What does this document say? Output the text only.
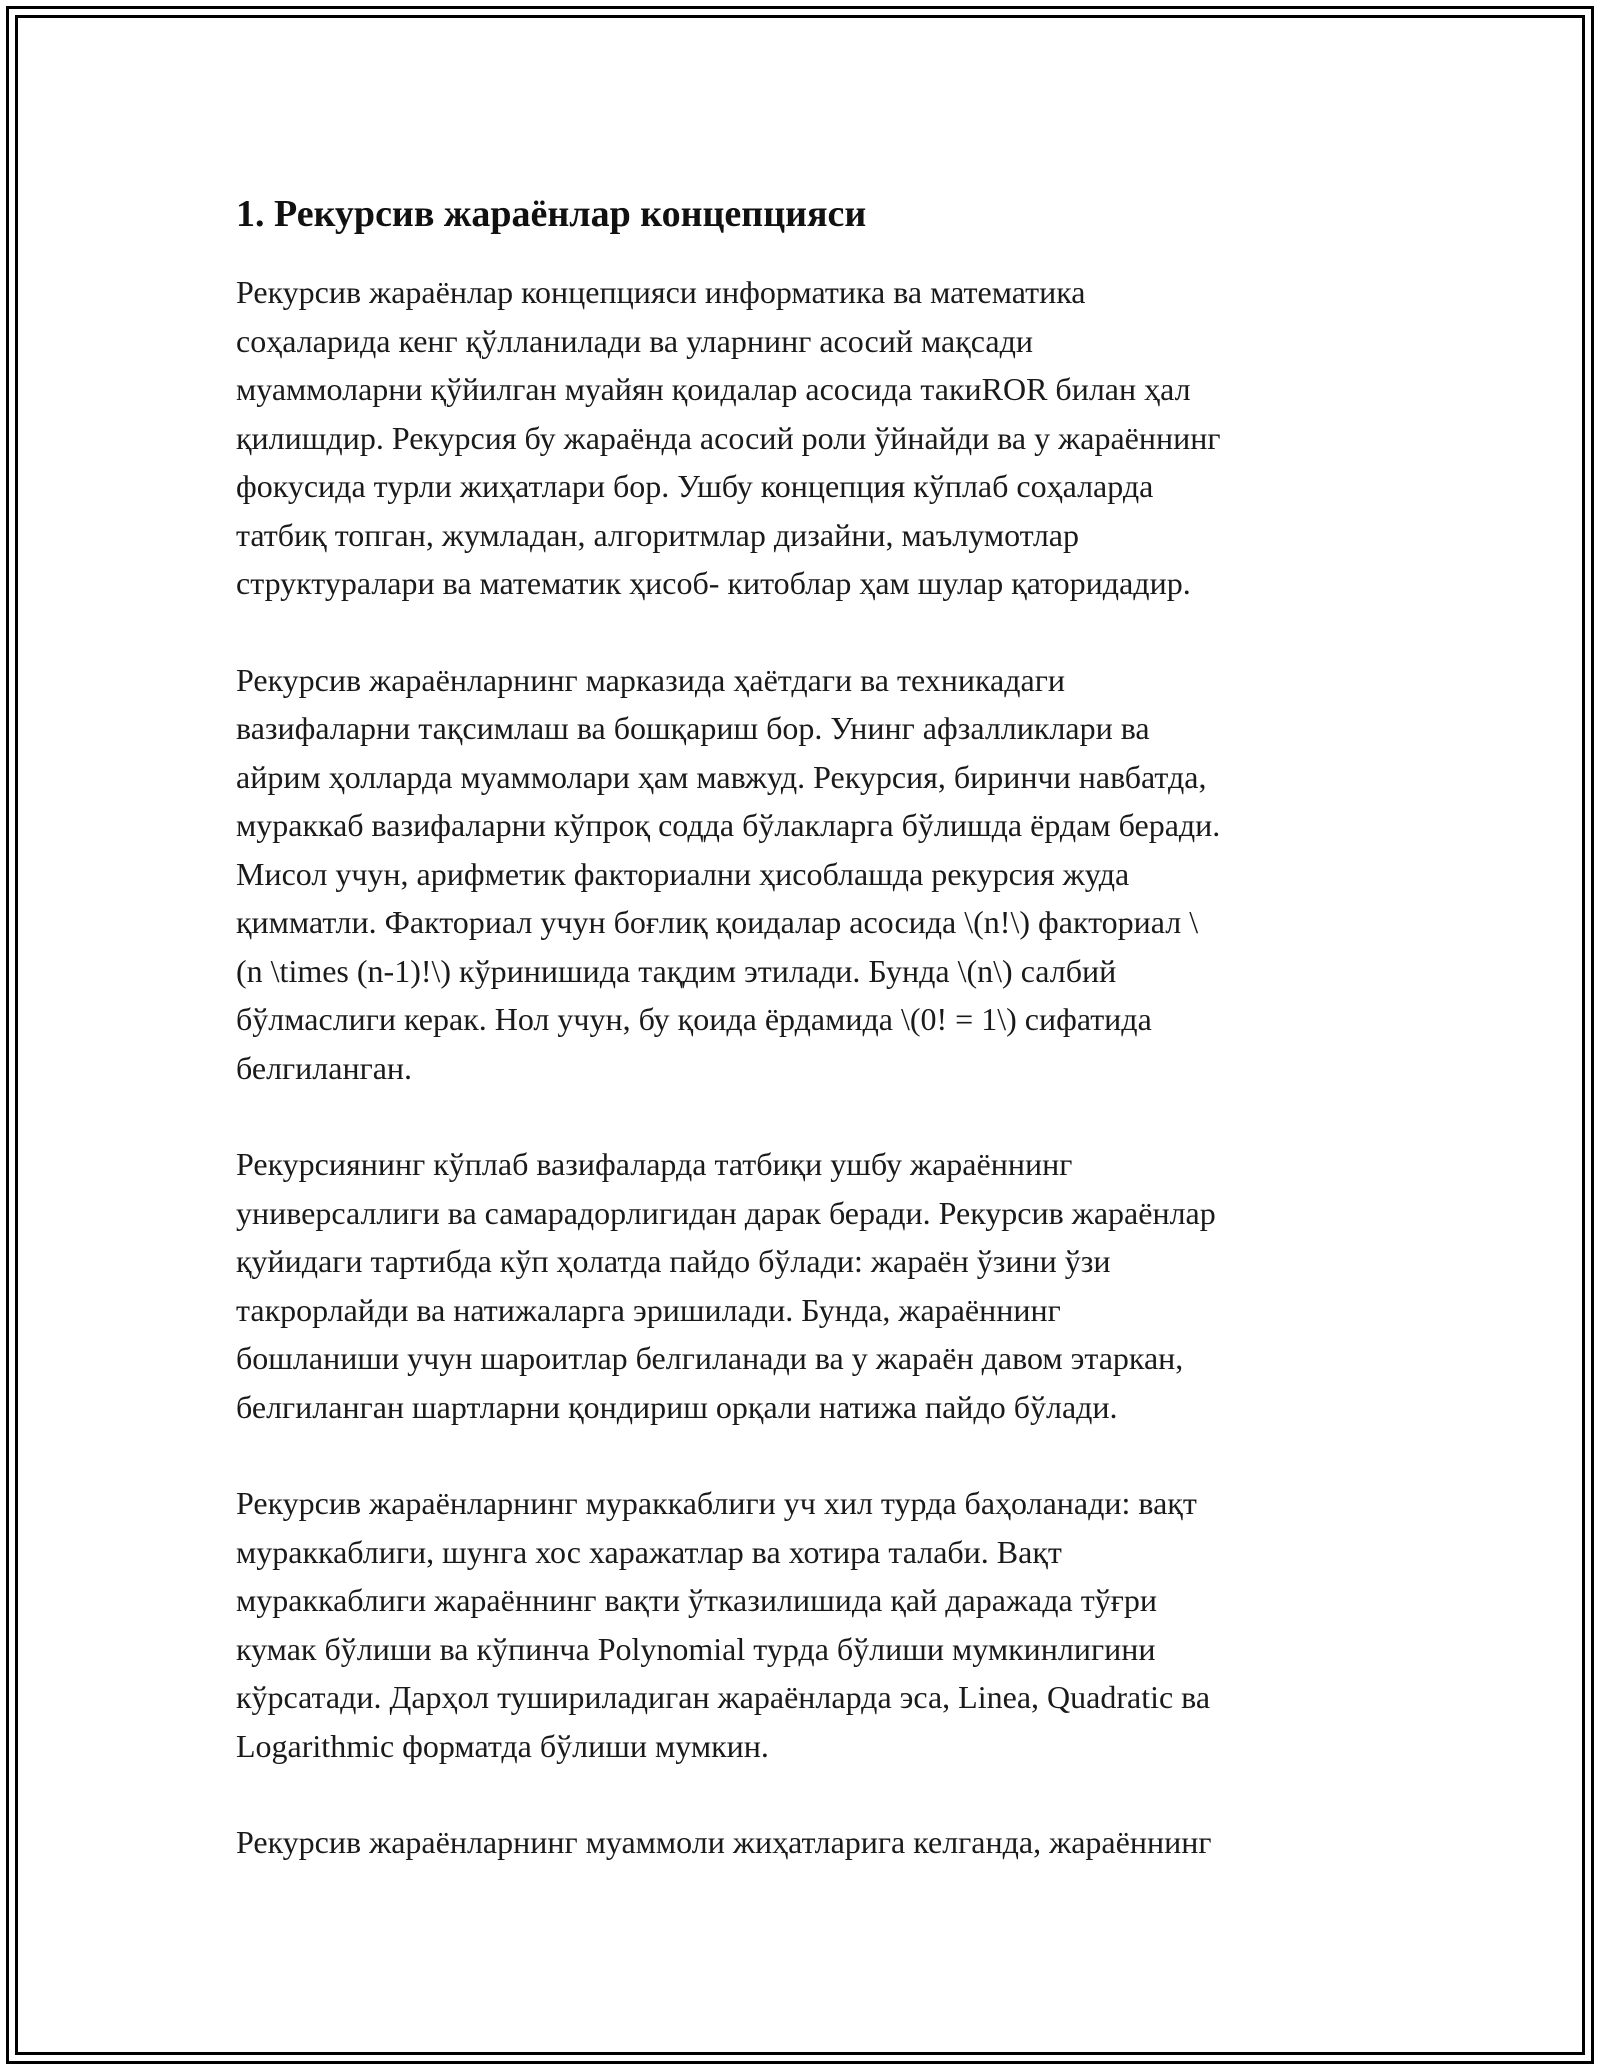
1. Рекурсив жараёнлар концепцияси

Рекурсив жараёнлар концепцияси информатика ва математика
соҳаларида кенг қўлланилади ва уларнинг асосий мақсади
муаммоларни қўйилган муайян қоидалар асосида такиROR билан ҳал
қилишдир. Рекурсия бу жараёнда асосий роли ўйнайди ва у жараённинг
фокусида турли жиҳатлари бор. Ушбу концепция кўплаб соҳаларда
татбиқ топган, жумладан, алгоритмлар дизайни, маълумотлар
структуралари ва математик ҳисоб- китоблар ҳам шулар қаторидадир.

Рекурсив жараёнларнинг марказида ҳаётдаги ва техникадаги
вазифаларни тақсимлаш ва бошқариш бор. Унинг афзалликлари ва
айрим ҳолларда муаммолари ҳам мавжуд. Рекурсия, биринчи навбатда,
мураккаб вазифаларни кўпроқ содда бўлакларга бўлишда ёрдам беради.
Мисол учун, арифметик факториални ҳисоблашда рекурсия жуда
қимматли. Факториал учун боғлиқ қоидалар асосида \(n!\) факториал \
(n \times (n-1)!\) кўринишида тақдим этилади. Бунда \(n\) салбий
бўлмаслиги керак. Нол учун, бу қоида ёрдамида \(0! = 1\) сифатида
белгиланган.

Рекурсиянинг кўплаб вазифаларда татбиқи ушбу жараённинг
универсаллиги ва самарадорлигидан дарак беради. Рекурсив жараёнлар
қуйидаги тартибда кўп ҳолатда пайдо бўлади: жараён ўзини ўзи
такрорлайди ва натижаларга эришилади. Бунда, жараённинг
бошланиши учун шароитлар белгиланади ва у жараён давом этаркан,
белгиланган шартларни қондириш орқали натижа пайдо бўлади.

Рекурсив жараёнларнинг мураккаблиги уч хил турда баҳоланади: вақт
мураккаблиги, шунга хос харажатлар ва хотира талаби. Вақт
мураккаблиги жараённинг вақти ўтказилишида қай даражада тўғри
кумак бўлиши ва кўпинча Polynomial турда бўлиши мумкинлигини
кўрсатади. Дарҳол тушириладиган жараёнларда эса, Linea, Quadratic ва
Logarithmic форматда бўлиши мумкин.

Рекурсив жараёнларнинг муаммоли жиҳатларига келганда, жараённинг
